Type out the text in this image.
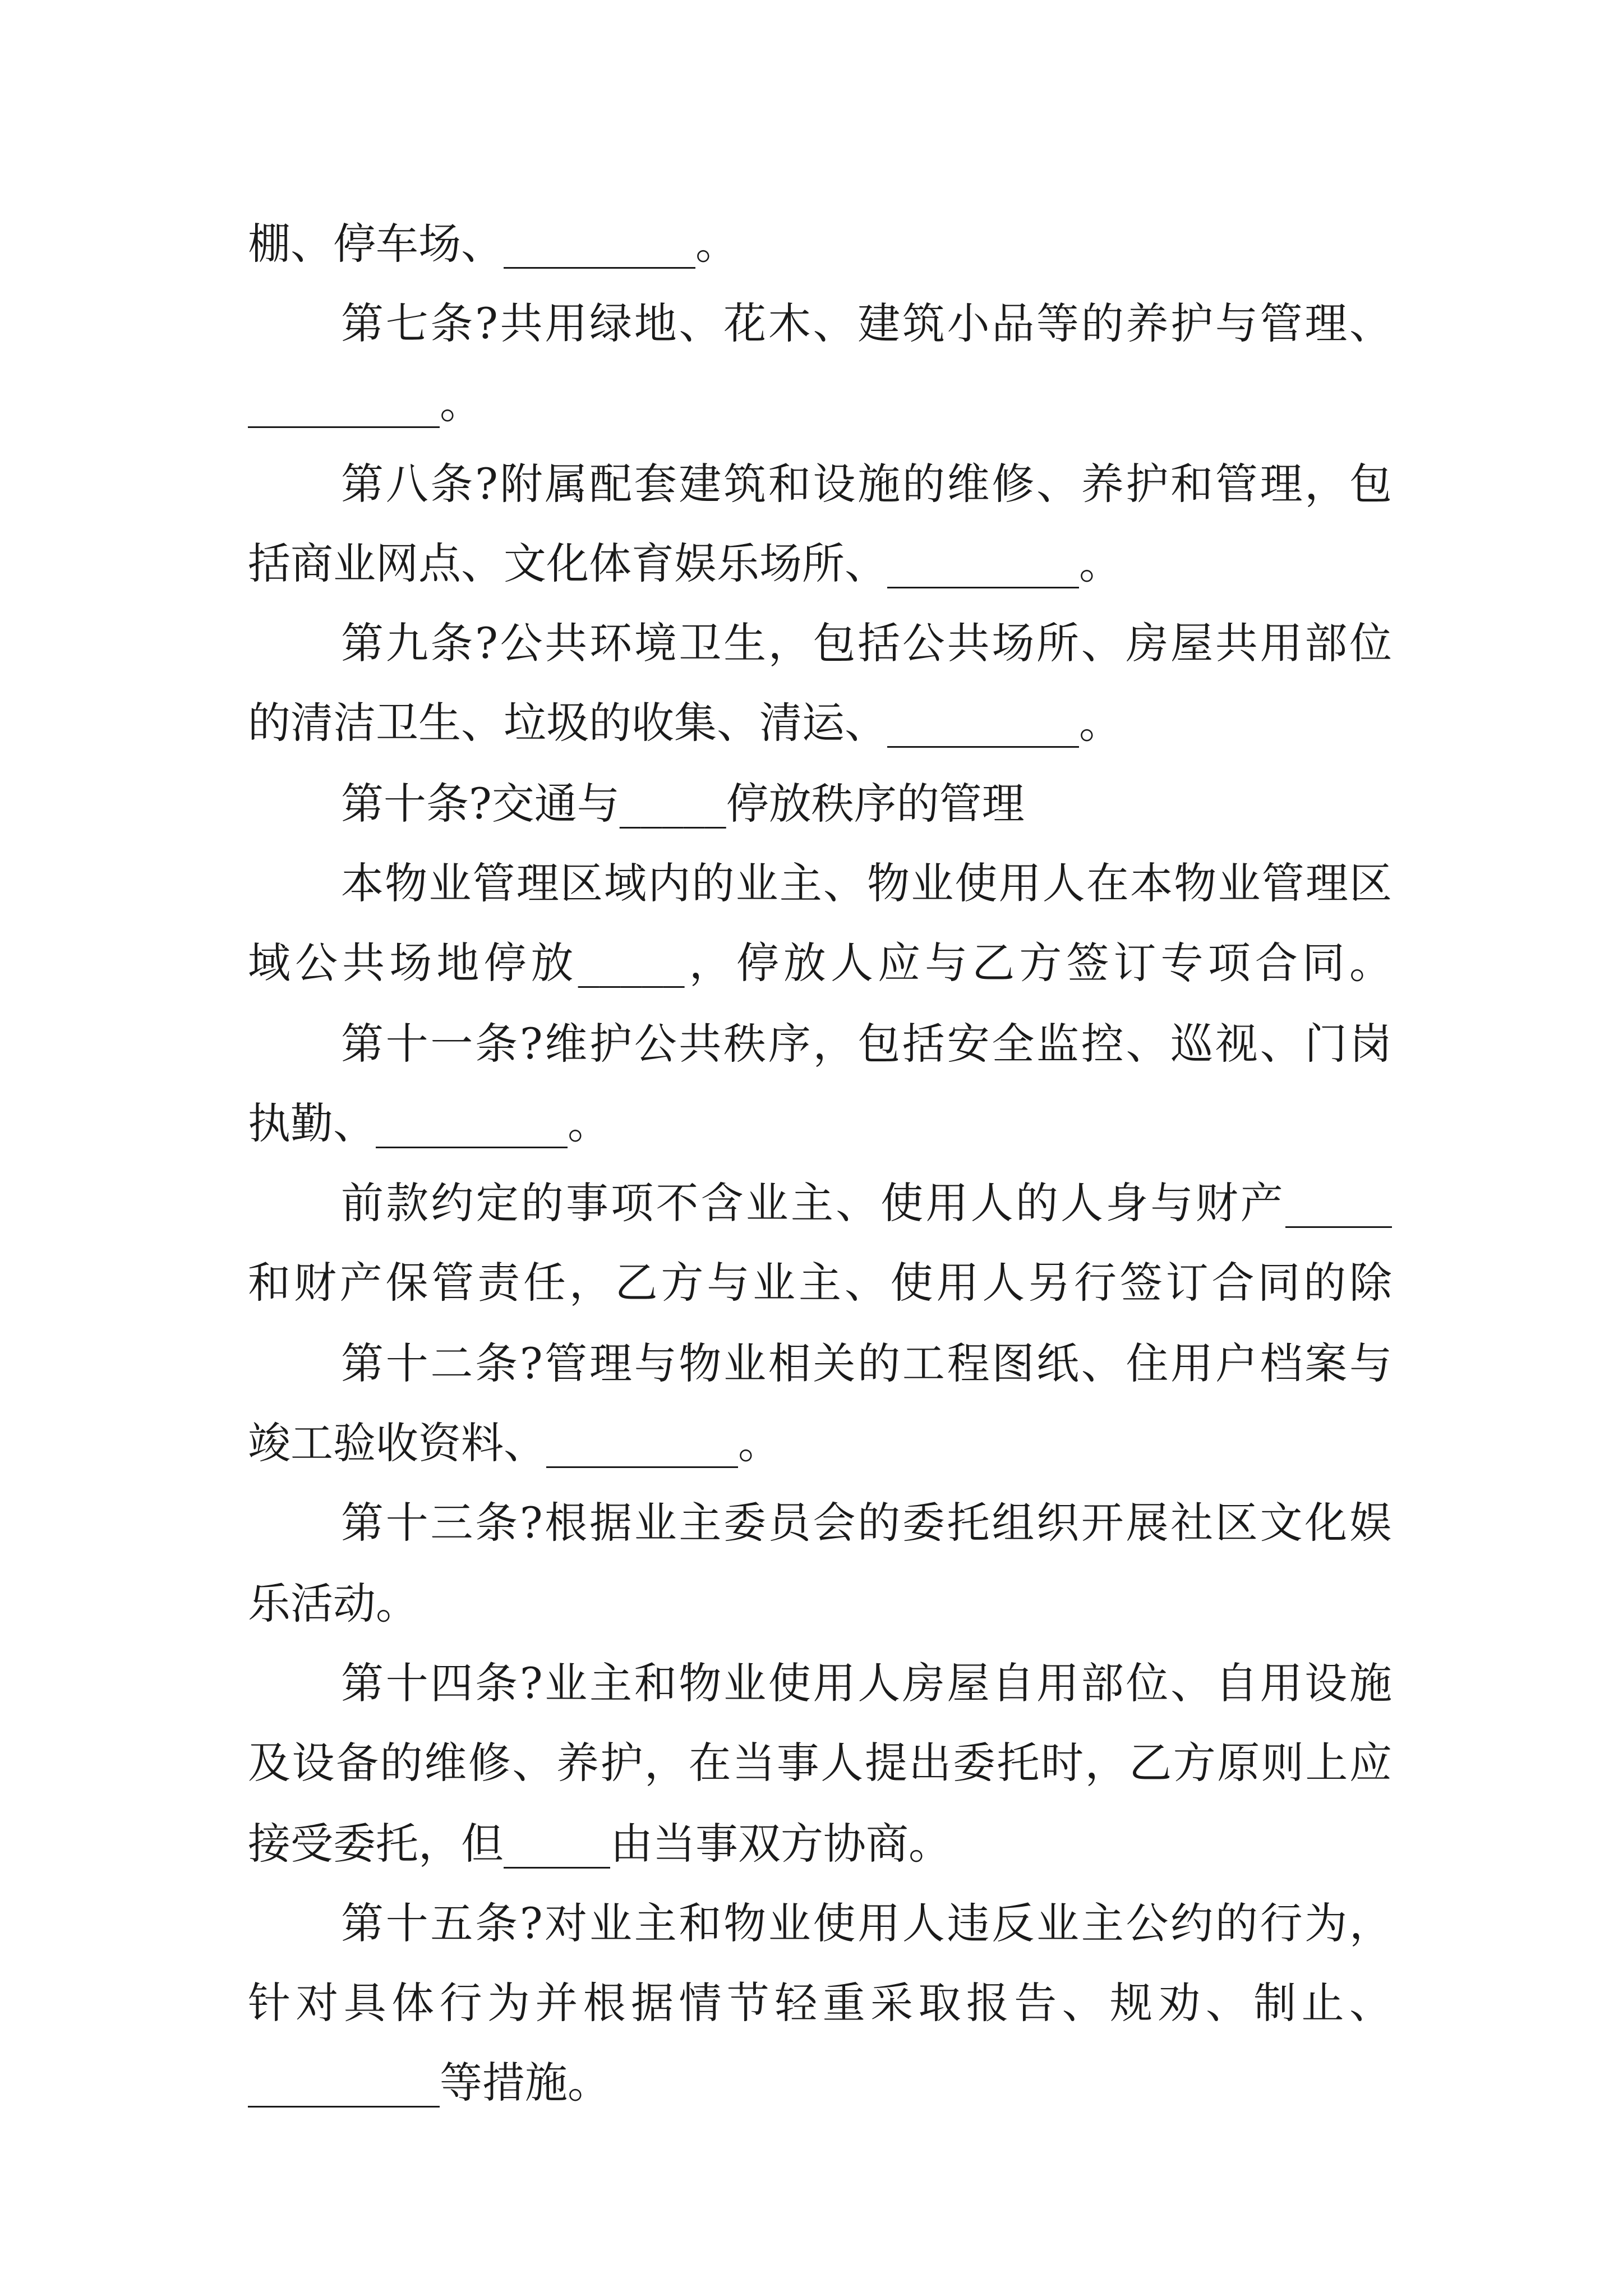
棚、停车场、_________。

第七条?共用绿地、花木、建筑小品等的养护与管理、

_________。

第八条?附属配套建筑和设施的维修、养护和管理，包

括商业网点、文化体育娱乐场所、_________。

第九条?公共环境卫生，包括公共场所、房屋共用部位

的清洁卫生、垃圾的收集、清运、_________。

第十条?交通与_____停放秩序的管理

本物业管理区域内的业主、物业使用人在本物业管理区

域公共场地停放_____，停放人应与乙方签订专项合同。

第十一条?维护公共秩序，包括安全监控、巡视、门岗

执勤、_________。

前款约定的事项不含业主、使用人的人身与财产_____

和财产保管责任，乙方与业主、使用人另行签订合同的除

第十二条?管理与物业相关的工程图纸、住用户档案与

竣工验收资料、_________。

第十三条?根据业主委员会的委托组织开展社区文化娱

乐活动。

第十四条?业主和物业使用人房屋自用部位、自用设施

及设备的维修、养护，在当事人提出委托时，乙方原则上应

接受委托，但_____由当事双方协商。

第十五条?对业主和物业使用人违反业主公约的行为，

针对具体行为并根据情节轻重采取报告、规劝、制止、

_________等措施。
